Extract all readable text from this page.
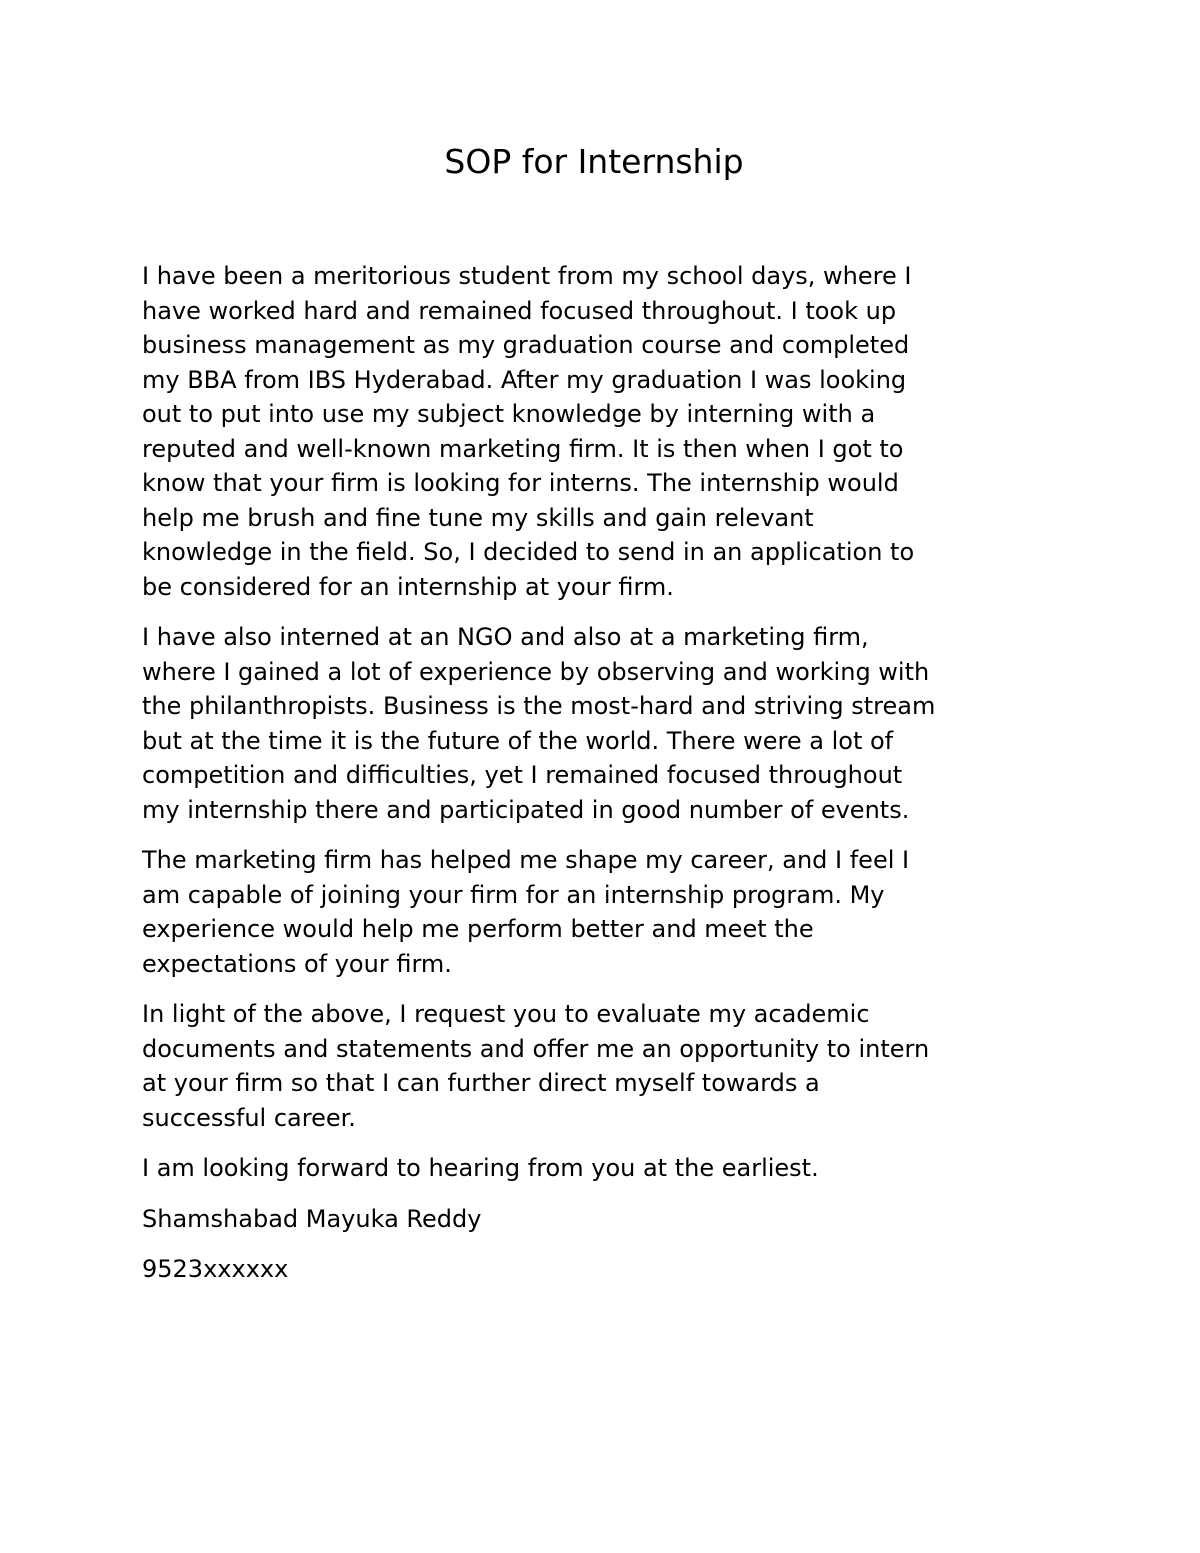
SOP for Internship

I have been a meritorious student from my school days, where I
have worked hard and remained focused throughout. I took up
business management as my graduation course and completed
my BBA from IBS Hyderabad. After my graduation I was looking
out to put into use my subject knowledge by interning with a
reputed and well-known marketing firm. It is then when I got to
know that your firm is looking for interns. The internship would
help me brush and fine tune my skills and gain relevant
knowledge in the field. So, I decided to send in an application to
be considered for an internship at your firm.

I have also interned at an NGO and also at a marketing firm,
where I gained a lot of experience by observing and working with
the philanthropists. Business is the most-hard and striving stream
but at the time it is the future of the world. There were a lot of
competition and difficulties, yet I remained focused throughout
my internship there and participated in good number of events.

The marketing firm has helped me shape my career, and I feel I
am capable of joining your firm for an internship program. My
experience would help me perform better and meet the
expectations of your firm.

In light of the above, I request you to evaluate my academic
documents and statements and offer me an opportunity to intern
at your firm so that I can further direct myself towards a
successful career.

I am looking forward to hearing from you at the earliest.

Shamshabad Mayuka Reddy

9523xxxxxx
